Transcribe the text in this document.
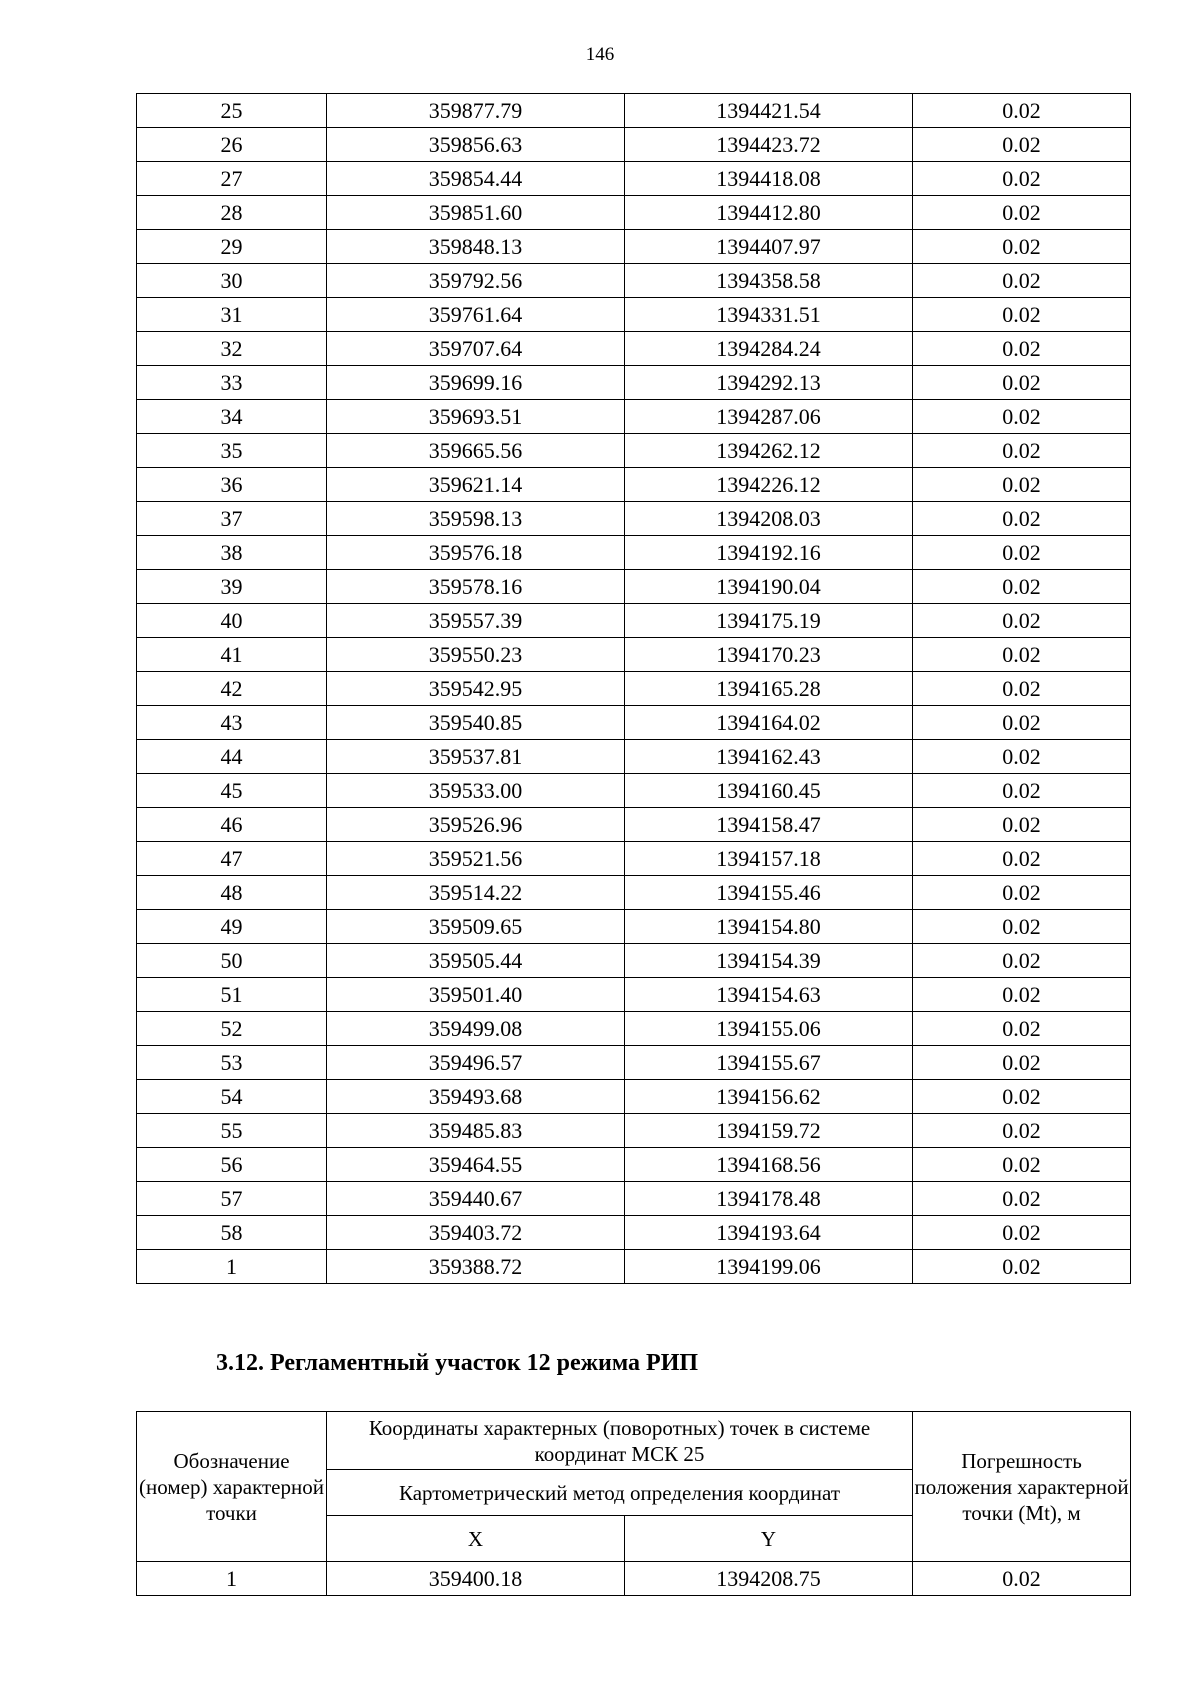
146
25	359877.79	1394421.54	0.02
26	359856.63	1394423.72	0.02
27	359854.44	1394418.08	0.02
28	359851.60	1394412.80	0.02
29	359848.13	1394407.97	0.02
30	359792.56	1394358.58	0.02
31	359761.64	1394331.51	0.02
32	359707.64	1394284.24	0.02
33	359699.16	1394292.13	0.02
34	359693.51	1394287.06	0.02
35	359665.56	1394262.12	0.02
36	359621.14	1394226.12	0.02
37	359598.13	1394208.03	0.02
38	359576.18	1394192.16	0.02
39	359578.16	1394190.04	0.02
40	359557.39	1394175.19	0.02
41	359550.23	1394170.23	0.02
42	359542.95	1394165.28	0.02
43	359540.85	1394164.02	0.02
44	359537.81	1394162.43	0.02
45	359533.00	1394160.45	0.02
46	359526.96	1394158.47	0.02
47	359521.56	1394157.18	0.02
48	359514.22	1394155.46	0.02
49	359509.65	1394154.80	0.02
50	359505.44	1394154.39	0.02
51	359501.40	1394154.63	0.02
52	359499.08	1394155.06	0.02
53	359496.57	1394155.67	0.02
54	359493.68	1394156.62	0.02
55	359485.83	1394159.72	0.02
56	359464.55	1394168.56	0.02
57	359440.67	1394178.48	0.02
58	359403.72	1394193.64	0.02
1	359388.72	1394199.06	0.02
3.12. Регламентный участок 12 режима РИП
Обозначение (номер) характерной точки	Координаты характерных (поворотных) точек в системе координат МСК 25		Погрешность положения характерной точки (Mt), м
	Картометрический метод определения координат		
	X	Y	
1	359400.18	1394208.75	0.02
